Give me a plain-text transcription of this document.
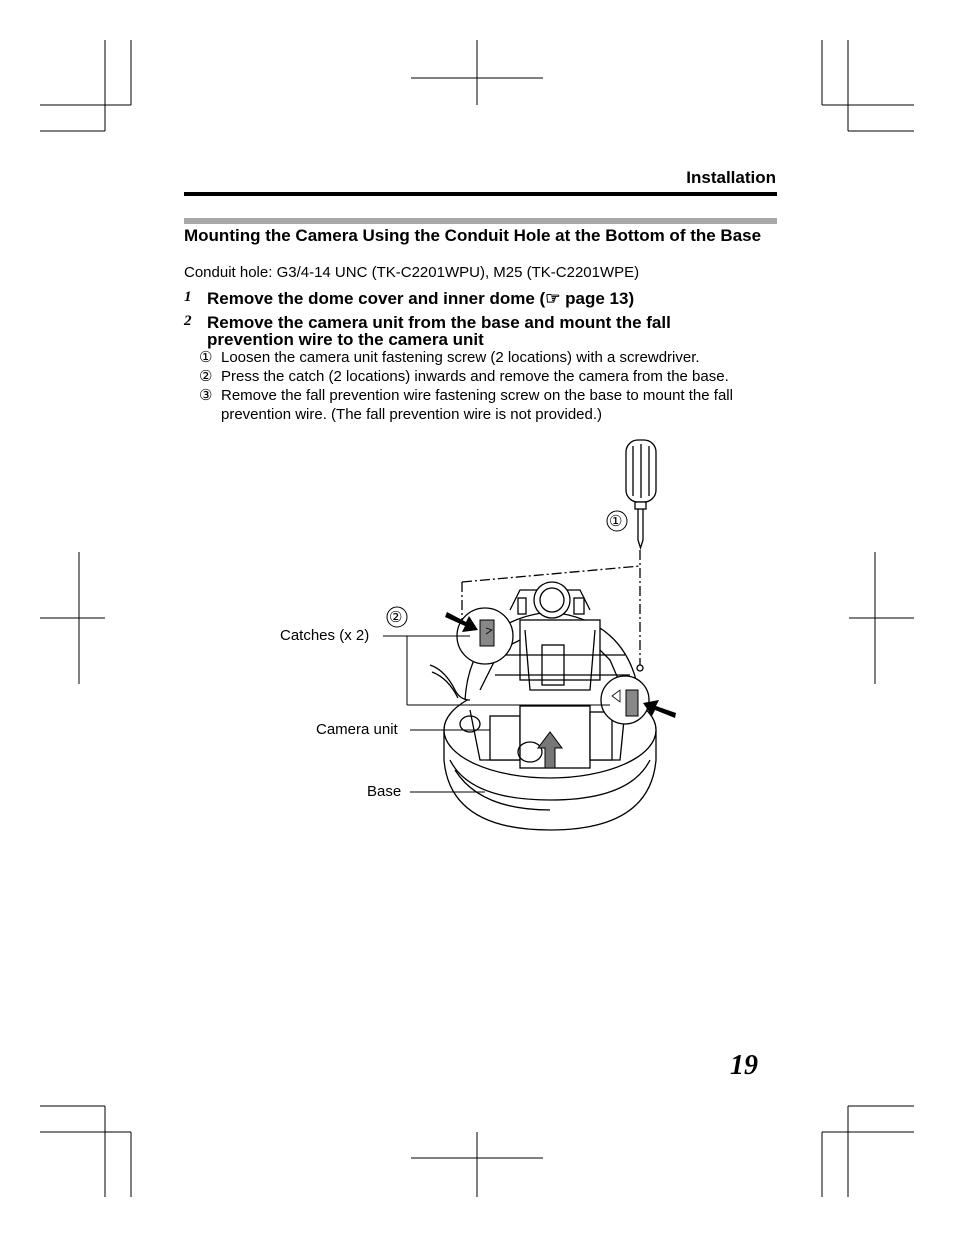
Installation
Mounting the Camera Using the Conduit Hole at the Bottom of the Base
Conduit hole: G3/4-14 UNC (TK-C2201WPU), M25 (TK-C2201WPE)
1 Remove the dome cover and inner dome (☞ page 13)
2 Remove the camera unit from the base and mount the fall prevention wire to the camera unit
① Loosen the camera unit fastening screw (2 locations) with a screwdriver.
② Press the catch (2 locations) inwards and remove the camera from the base.
③ Remove the fall prevention wire fastening screw on the base to mount the fall prevention wire. (The fall prevention wire is not provided.)
①
②
Catches (x 2)
Camera unit
Base
19
